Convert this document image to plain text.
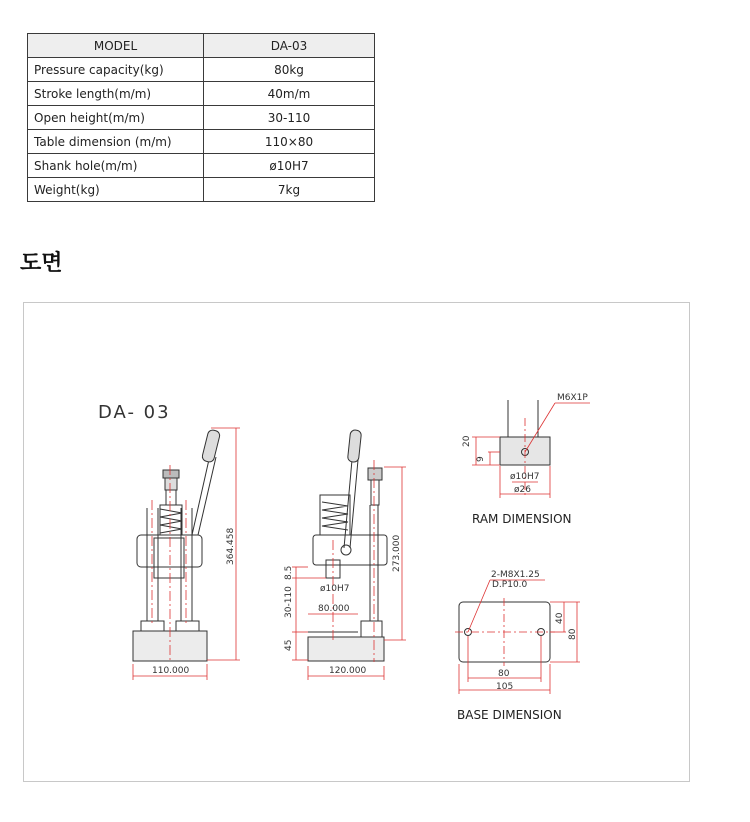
MODEL	DA-03
Pressure capacity(kg)	80kg
Stroke length(m/m)	40m/m
Open height(m/m)	30-110
Table dimension (m/m)	110×80
Shank hole(m/m)	ø10H7
Weight(kg)	7kg
도면
DA- 03
364.458
110.000
273.000
8.5
30-110
45
ø10H7
80.000
120.000
M6X1P
20
9
ø10H7
ø26
RAM DIMENSION
2-M8X1.25
D.P10.0
40
80
80
105
BASE DIMENSION
